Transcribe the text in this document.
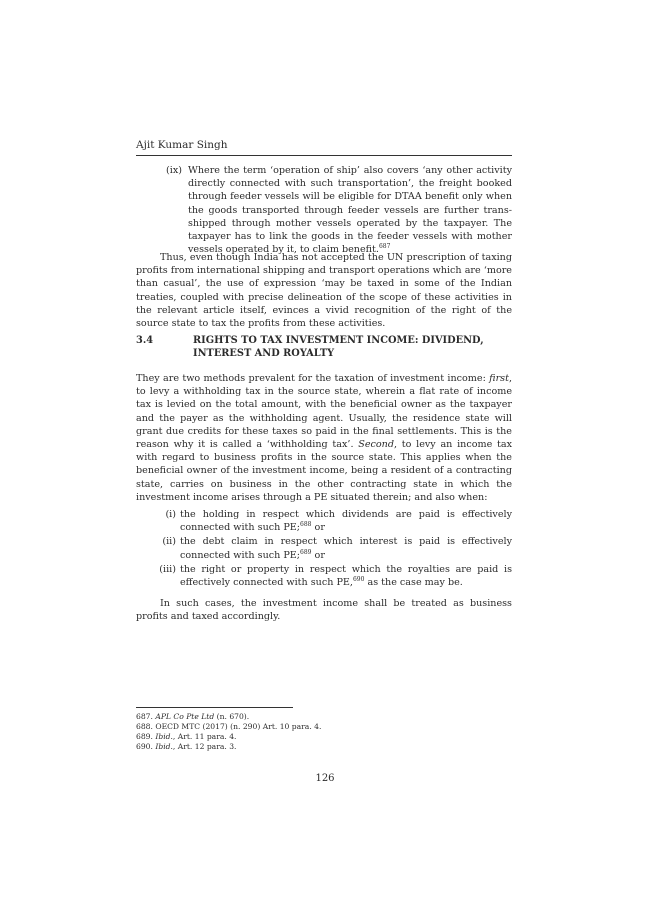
Ajit Kumar Singh
(ix) Where the term ‘operation of ship’ also covers ‘any other activity directly connected with such transportation’, the freight booked through feeder vessels will be eligible for DTAA benefit only when the goods transported through feeder vessels are further trans-shipped through mother vessels operated by the taxpayer. The taxpayer has to link the goods in the feeder vessels with mother vessels operated by it, to claim benefit.$^{687}$

Thus, even though India has not accepted the UN prescription of taxing profits from international shipping and transport operations which are ‘more than casual’, the use of expression ‘may be taxed in some of the Indian treaties, coupled with precise delineation of the scope of these activities in the relevant article itself, evinces a vivid recognition of the right of the source state to tax the profits from these activities.

3.4	RIGHTS TO TAX INVESTMENT INCOME: DIVIDEND, INTEREST AND ROYALTY

They are two methods prevalent for the taxation of investment income: first, to levy a withholding tax in the source state, wherein a flat rate of income tax is levied on the total amount, with the beneficial owner as the taxpayer and the payer as the withholding agent. Usually, the residence state will grant due credits for these taxes so paid in the final settlements. This is the reason why it is called a ‘withholding tax’. Second, to levy an income tax with regard to business profits in the source state. This applies when the beneficial owner of the investment income, being a resident of a contracting state, carries on business in the other contracting state in which the investment income arises through a PE situated therein; and also when:

(i) the holding in respect which dividends are paid is effectively connected with such PE;$^{688}$ or
(ii) the debt claim in respect which interest is paid is effectively connected with such PE;$^{689}$ or
(iii) the right or property in respect which the royalties are paid is effectively connected with such PE,$^{690}$ as the case may be.

In such cases, the investment income shall be treated as business profits and taxed accordingly.

687. APL Co Pte Ltd (n. 670).
688. OECD MTC (2017) (n. 290) Art. 10 para. 4.
689. Ibid., Art. 11 para. 4.
690. Ibid., Art. 12 para. 3.
126
